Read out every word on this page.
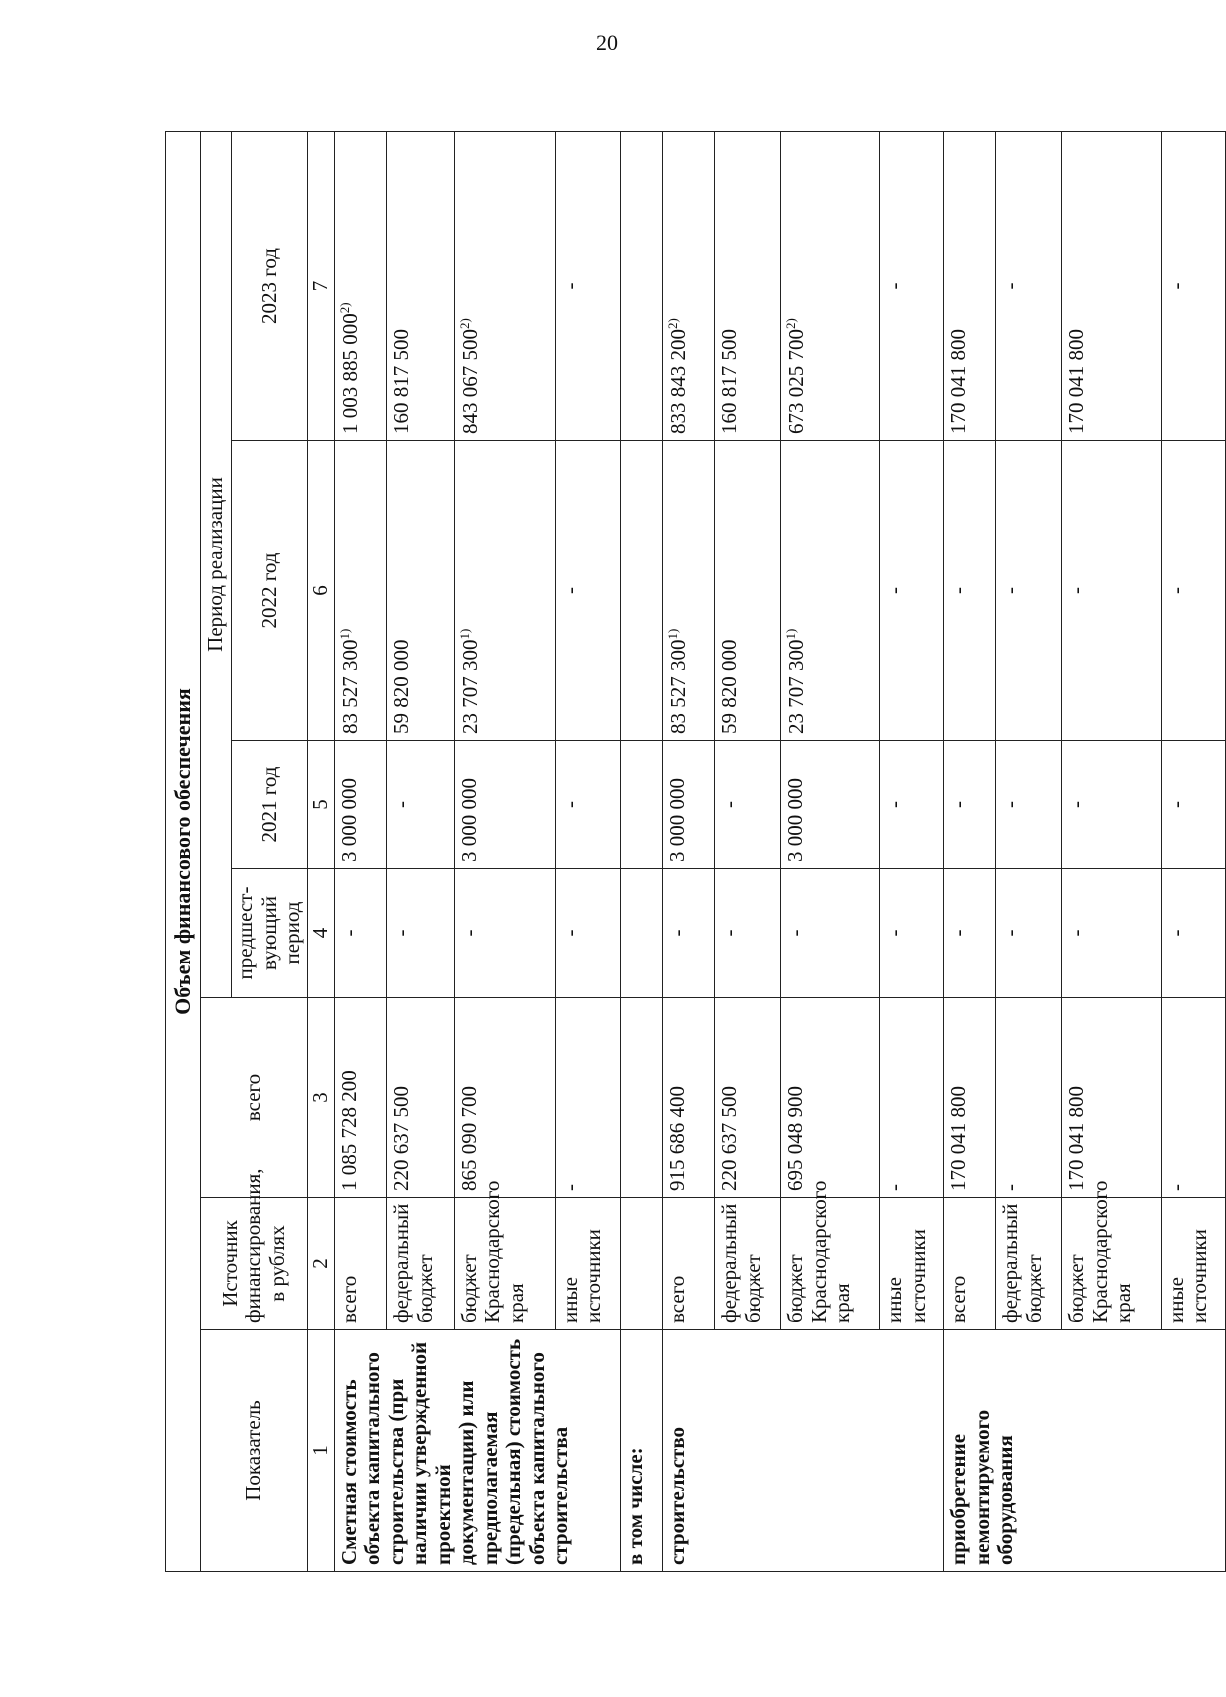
20
Объем финансового обеспечения						
Показатель	Источник финансирования, в рублях	всего	Период реализации			
			предшест-вующий период	2021 год	2022 год	2023 год

1	2	3	4	5	6	7
Сметная стоимость объекта капитального строительства (при наличии утвержденной проектной документации) или предполагаемая (предельная) стоимость объекта капитального строительства	всего	1 085 728 200	-	3 000 000	83 527 300$^{1)}$	1 003 885 000$^{2)}$
	федеральный бюджет	220 637 500	-	-	59 820 000	160 817 500
	бюджет Краснодарского края	865 090 700	-	3 000 000	23 707 300$^{1)}$	843 067 500$^{2)}$
	иные источники	-	-	-	-	-
в том числе:						
строительство	всего	915 686 400	-	3 000 000	83 527 300$^{1)}$	833 843 200$^{2)}$
	федеральный бюджет	220 637 500	-	-	59 820 000	160 817 500
	бюджет Краснодарского края	695 048 900	-	3 000 000	23 707 300$^{1)}$	673 025 700$^{2)}$
	иные источники	-	-	-	-	-
приобретение немонтируемого оборудования	всего	170 041 800	-	-	-	170 041 800
	федеральный бюджет	-	-	-	-	-
	бюджет Краснодарского края	170 041 800	-	-	-	170 041 800
	иные источники	-	-	-	-	-
